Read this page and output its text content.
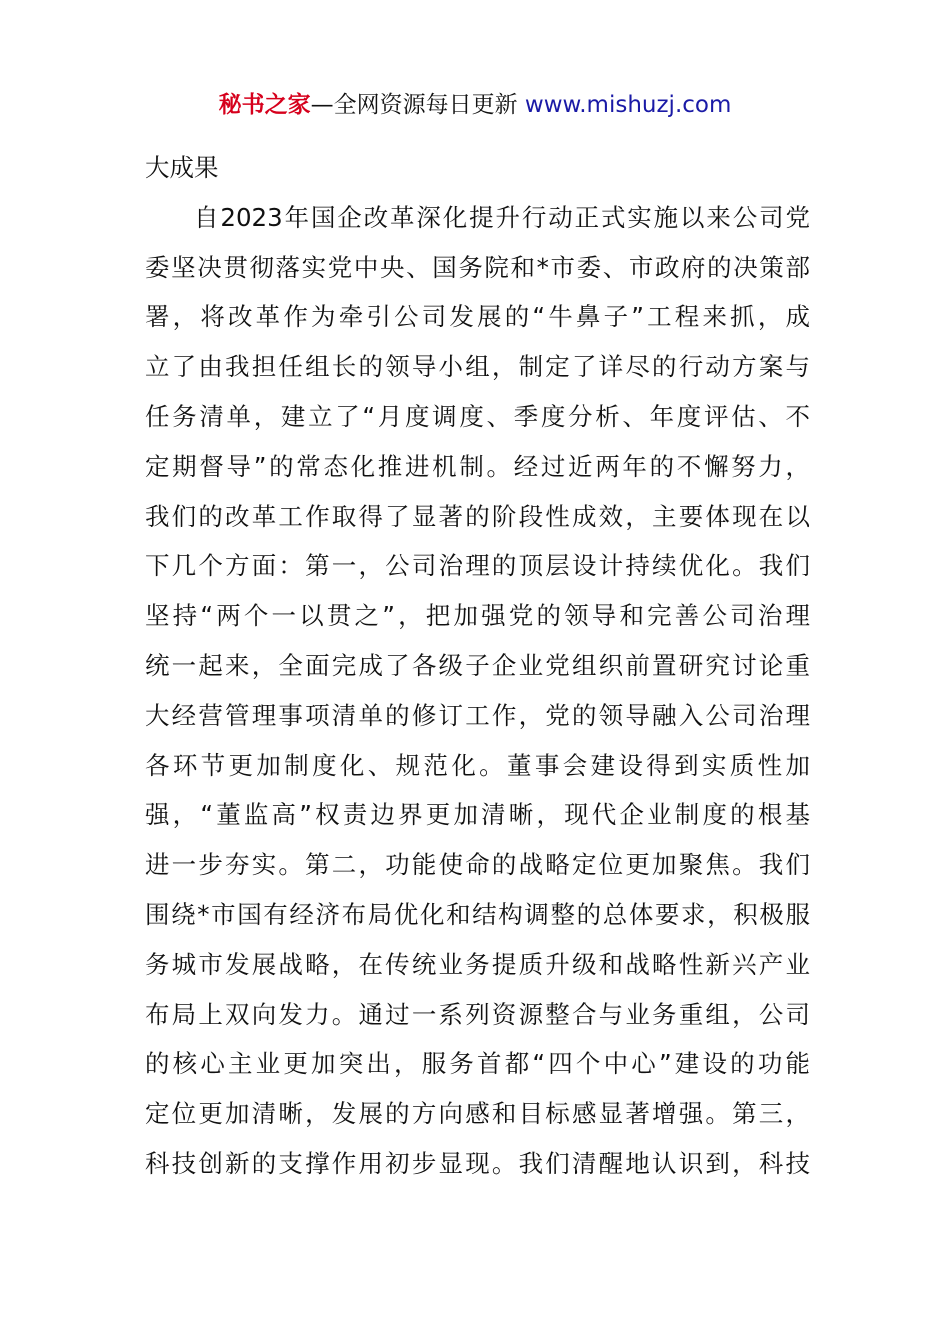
秘书之家—全网资源每日更新 www.mishuzj.com
大成果
自2023年国企改革深化提升行动正式实施以来公司党
委坚决贯彻落实党中央、国务院和*市委、市政府的决策部
署，将改革作为牵引公司发展的“牛鼻子”工程来抓，成
立了由我担任组长的领导小组，制定了详尽的行动方案与
任务清单，建立了“月度调度、季度分析、年度评估、不
定期督导”的常态化推进机制。经过近两年的不懈努力，
我们的改革工作取得了显著的阶段性成效，主要体现在以
下几个方面：第一，公司治理的顶层设计持续优化。我们
坚持“两个一以贯之”，把加强党的领导和完善公司治理
统一起来，全面完成了各级子企业党组织前置研究讨论重
大经营管理事项清单的修订工作，党的领导融入公司治理
各环节更加制度化、规范化。董事会建设得到实质性加
强，“董监高”权责边界更加清晰，现代企业制度的根基
进一步夯实。第二，功能使命的战略定位更加聚焦。我们
围绕*市国有经济布局优化和结构调整的总体要求，积极服
务城市发展战略，在传统业务提质升级和战略性新兴产业
布局上双向发力。通过一系列资源整合与业务重组，公司
的核心主业更加突出，服务首都“四个中心”建设的功能
定位更加清晰，发展的方向感和目标感显著增强。第三，
科技创新的支撑作用初步显现。我们清醒地认识到，科技
